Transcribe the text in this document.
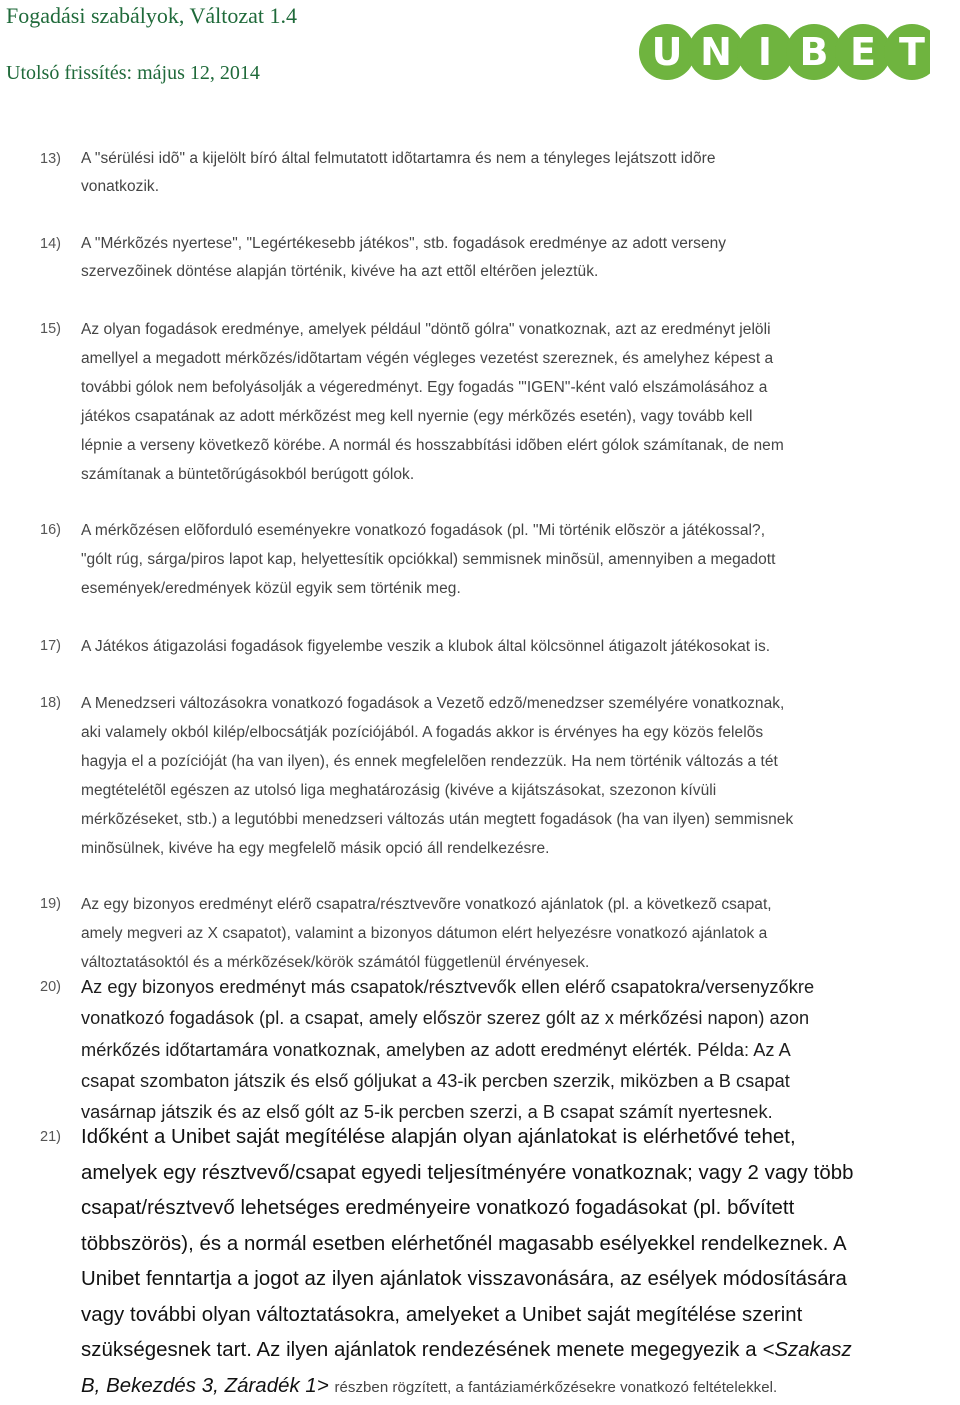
Fogadási szabályok, Változat 1.4
Utolsó frissítés: május 12, 2014	U N I B E T
13) A "sérülési idõ" a kijelölt bíró által felmutatott idõtartamra és nem a tényleges lejátszott idõre
vonatkozik.
14) A "Mérkõzés nyertese", "Legértékesebb játékos", stb. fogadások eredménye az adott verseny
szervezõinek döntése alapján történik, kivéve ha azt ettõl eltérõen jeleztük.
15) Az olyan fogadások eredménye, amelyek például "döntõ gólra" vonatkoznak, azt az eredményt jelöli
amellyel a megadott mérkõzés/idõtartam végén végleges vezetést szereznek, és amelyhez képest a
további gólok nem befolyásolják a végeredményt. Egy fogadás '"IGEN"-ként való elszámolásához a
játékos csapatának az adott mérkõzést meg kell nyernie (egy mérkõzés esetén), vagy tovább kell
lépnie a verseny következõ körébe. A normál és hosszabbítási idõben elért gólok számítanak, de nem
számítanak a büntetõrúgásokból berúgott gólok.
16) A mérkõzésen elõforduló eseményekre vonatkozó fogadások (pl. "Mi történik elõször a játékossal?,
"gólt rúg, sárga/piros lapot kap, helyettesítik opciókkal) semmisnek minõsül, amennyiben a megadott
események/eredmények közül egyik sem történik meg.
17) A Játékos átigazolási fogadások figyelembe veszik a klubok által kölcsönnel átigazolt játékosokat is.
18) A Menedzseri változásokra vonatkozó fogadások a Vezetõ edzõ/menedzser személyére vonatkoznak,
aki valamely okból kilép/elbocsátják pozíciójából. A fogadás akkor is érvényes ha egy közös felelõs
hagyja el a pozícióját (ha van ilyen), és ennek megfelelõen rendezzük. Ha nem történik változás a tét
megtételétõl egészen az utolsó liga meghatározásig (kivéve a kijátszásokat, szezonon kívüli
mérkõzéseket, stb.) a legutóbbi menedzseri változás után megtett fogadások (ha van ilyen) semmisnek
minõsülnek, kivéve ha egy megfelelõ másik opció áll rendelkezésre.
19) Az egy bizonyos eredményt elérõ csapatra/résztvevõre vonatkozó ajánlatok (pl. a következõ csapat,
amely megveri az X csapatot), valamint a bizonyos dátumon elért helyezésre vonatkozó ajánlatok a
változtatásoktól és a mérkõzések/körök számától függetlenül érvényesek.
20) Az egy bizonyos eredményt más csapatok/résztvevők ellen elérő csapatokra/versenyzőkre
vonatkozó fogadások (pl. a csapat, amely először szerez gólt az x mérkőzési napon) azon
mérkőzés időtartamára vonatkoznak, amelyben az adott eredményt elérték. Példa: Az A
csapat szombaton játszik és első góljukat a 43-ik percben szerzik, miközben a B csapat
vasárnap játszik és az első gólt az 5-ik percben szerzi, a B csapat számít nyertesnek.
21) Időként a Unibet saját megítélése alapján olyan ajánlatokat is elérhetővé tehet,
amelyek egy résztvevő/csapat egyedi teljesítményére vonatkoznak; vagy 2 vagy több
csapat/résztvevő lehetséges eredményeire vonatkozó fogadásokat (pl. bővített
többszörös), és a normál esetben elérhetőnél magasabb esélyekkel rendelkeznek. A
Unibet fenntartja a jogot az ilyen ajánlatok visszavonására, az esélyek módosítására
vagy további olyan változtatásokra, amelyeket a Unibet saját megítélése szerint
szükségesnek tart. Az ilyen ajánlatok rendezésének menete megegyezik a <Szakasz
B, Bekezdés 3, Záradék 1> részben rögzített, a fantáziamérkőzésekre vonatkozó feltételekkel.
